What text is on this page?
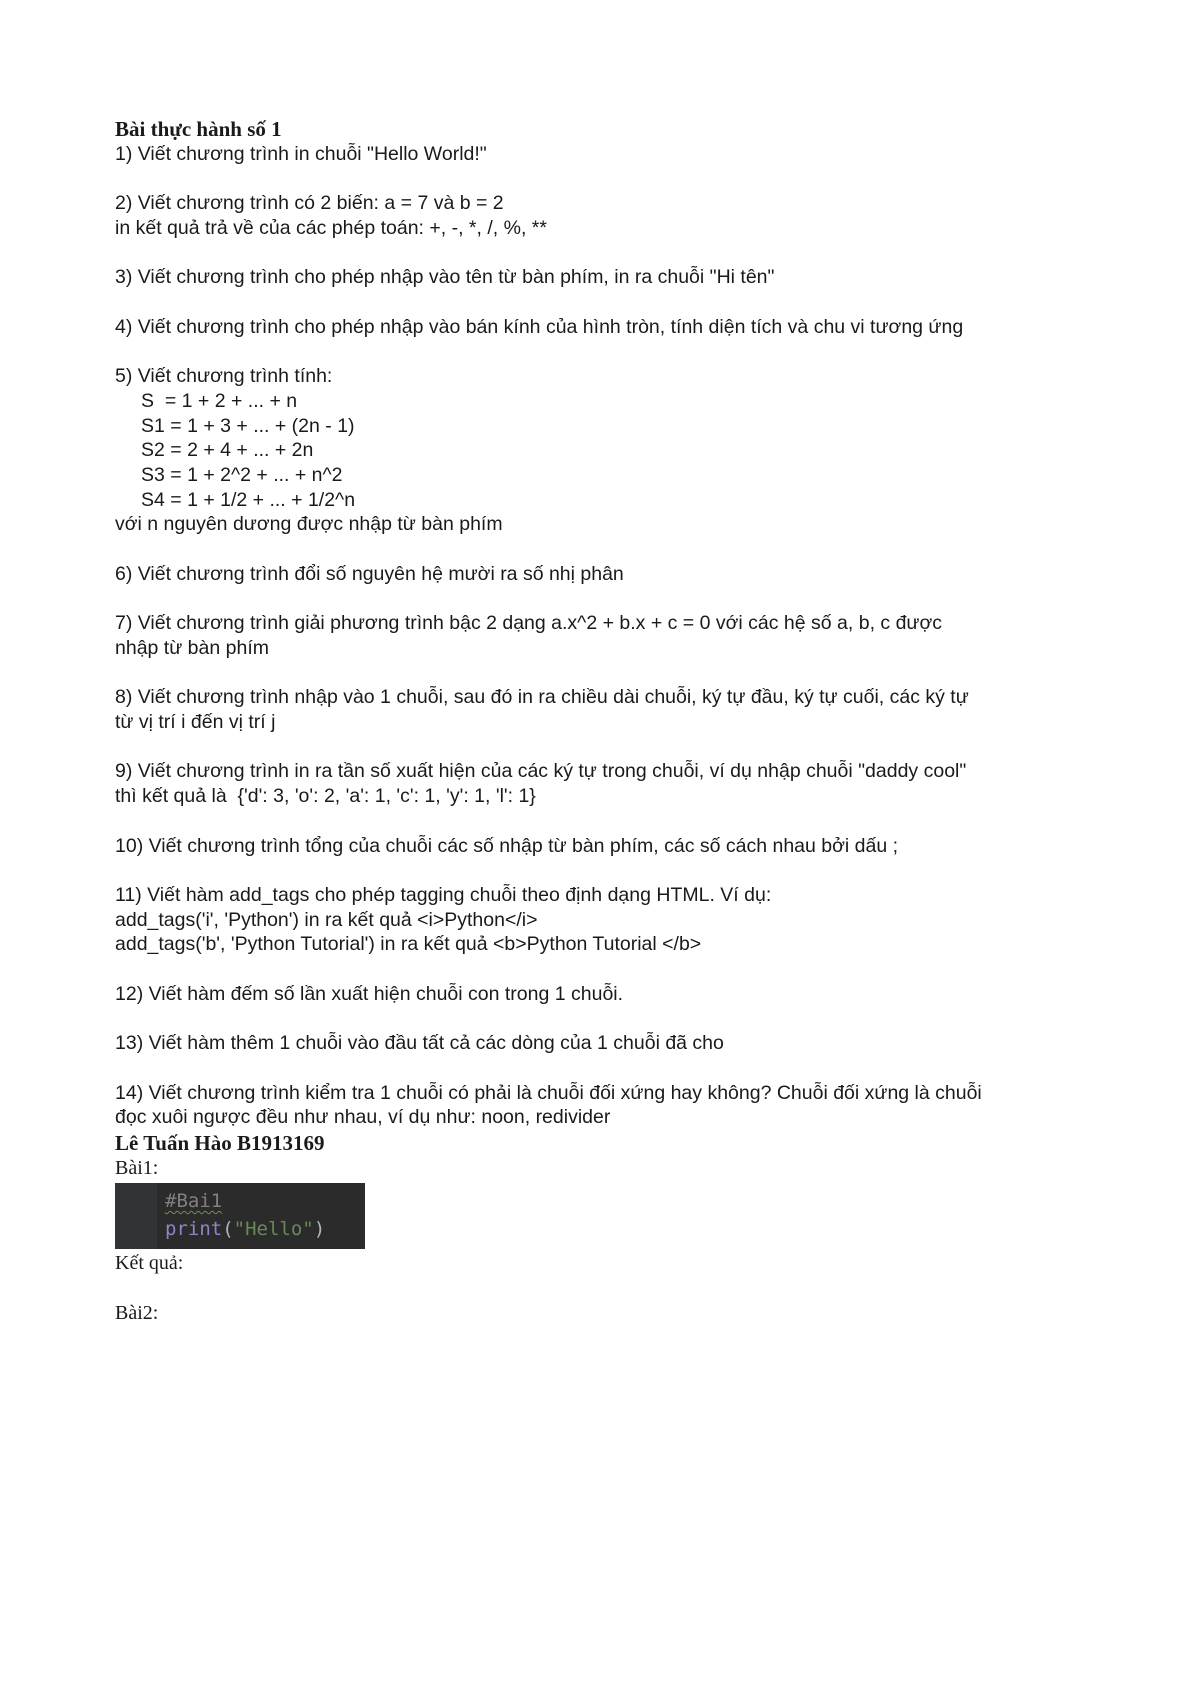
Bài thực hành số 1
1) Viết chương trình in chuỗi "Hello World!"
2) Viết chương trình có 2 biến: a = 7 và b = 2
in kết quả trả về của các phép toán: +, -, *, /, %, **
3) Viết chương trình cho phép nhập vào tên từ bàn phím, in ra chuỗi "Hi tên"
4) Viết chương trình cho phép nhập vào bán kính của hình tròn, tính diện tích và chu vi tương ứng
5) Viết chương trình tính:
S  = 1 + 2 + ... + n
S1 = 1 + 3 + ... + (2n - 1)
S2 = 2 + 4 + ... + 2n
S3 = 1 + 2^2 + ... + n^2
S4 = 1 + 1/2 + ... + 1/2^n
với n nguyên dương được nhập từ bàn phím
6) Viết chương trình đổi số nguyên hệ mười ra số nhị phân
7) Viết chương trình giải phương trình bậc 2 dạng a.x^2 + b.x + c = 0 với các hệ số a, b, c được
nhập từ bàn phím
8) Viết chương trình nhập vào 1 chuỗi, sau đó in ra chiều dài chuỗi, ký tự đầu, ký tự cuối, các ký tự
từ vị trí i đến vị trí j
9) Viết chương trình in ra tần số xuất hiện của các ký tự trong chuỗi, ví dụ nhập chuỗi "daddy cool"
thì kết quả là  {'d': 3, 'o': 2, 'a': 1, 'c': 1, 'y': 1, 'l': 1}
10) Viết chương trình tổng của chuỗi các số nhập từ bàn phím, các số cách nhau bởi dấu ;
11) Viết hàm add_tags cho phép tagging chuỗi theo định dạng HTML. Ví dụ:
add_tags('i', 'Python') in ra kết quả <i>Python</i>
add_tags('b', 'Python Tutorial') in ra kết quả <b>Python Tutorial </b>
12) Viết hàm đếm số lần xuất hiện chuỗi con trong 1 chuỗi.
13) Viết hàm thêm 1 chuỗi vào đầu tất cả các dòng của 1 chuỗi đã cho
14) Viết chương trình kiểm tra 1 chuỗi có phải là chuỗi đối xứng hay không? Chuỗi đối xứng là chuỗi
đọc xuôi ngược đều như nhau, ví dụ như: noon, redivider

Lê Tuấn Hào B1913169

Bài1:

#Bai1
print("Hello")

Kết quả:

Bài2:
